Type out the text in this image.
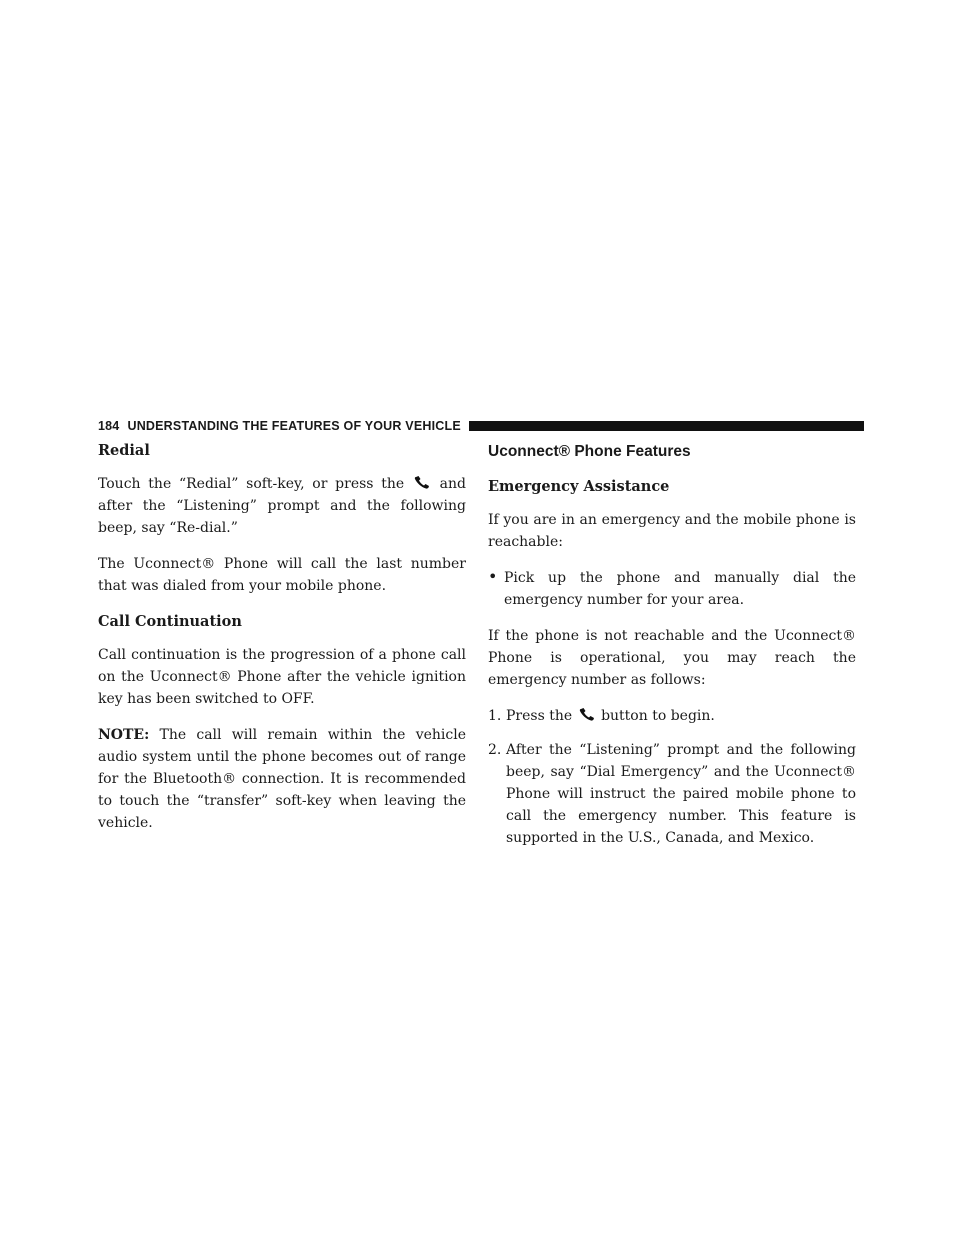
184 UNDERSTANDING THE FEATURES OF YOUR VEHICLE
Redial

Touch the “Redial” soft-key, or press the	and after the “Listening” prompt and the following beep, say “Re-dial.”

The Uconnect® Phone will call the last number that was dialed from your mobile phone.

Call Continuation

Call continuation is the progression of a phone call on the Uconnect® Phone after the vehicle ignition key has been switched to OFF.

NOTE: The call will remain within the vehicle audio system until the phone becomes out of range for the Bluetooth® connection. It is recommended to touch the “transfer” soft-key when leaving the vehicle.

Uconnect® Phone Features
Emergency Assistance

If you are in an emergency and the mobile phone is reachable:

• Pick up the phone and manually dial the emergency number for your area.

If the phone is not reachable and the Uconnect® Phone is operational, you may reach the emergency number as follows:

1. Press the button to begin.

2. After the “Listening” prompt and the following beep, say “Dial Emergency” and the Uconnect® Phone will instruct the paired mobile phone to call the emergency number. This feature is supported in the U.S., Canada, and Mexico.
